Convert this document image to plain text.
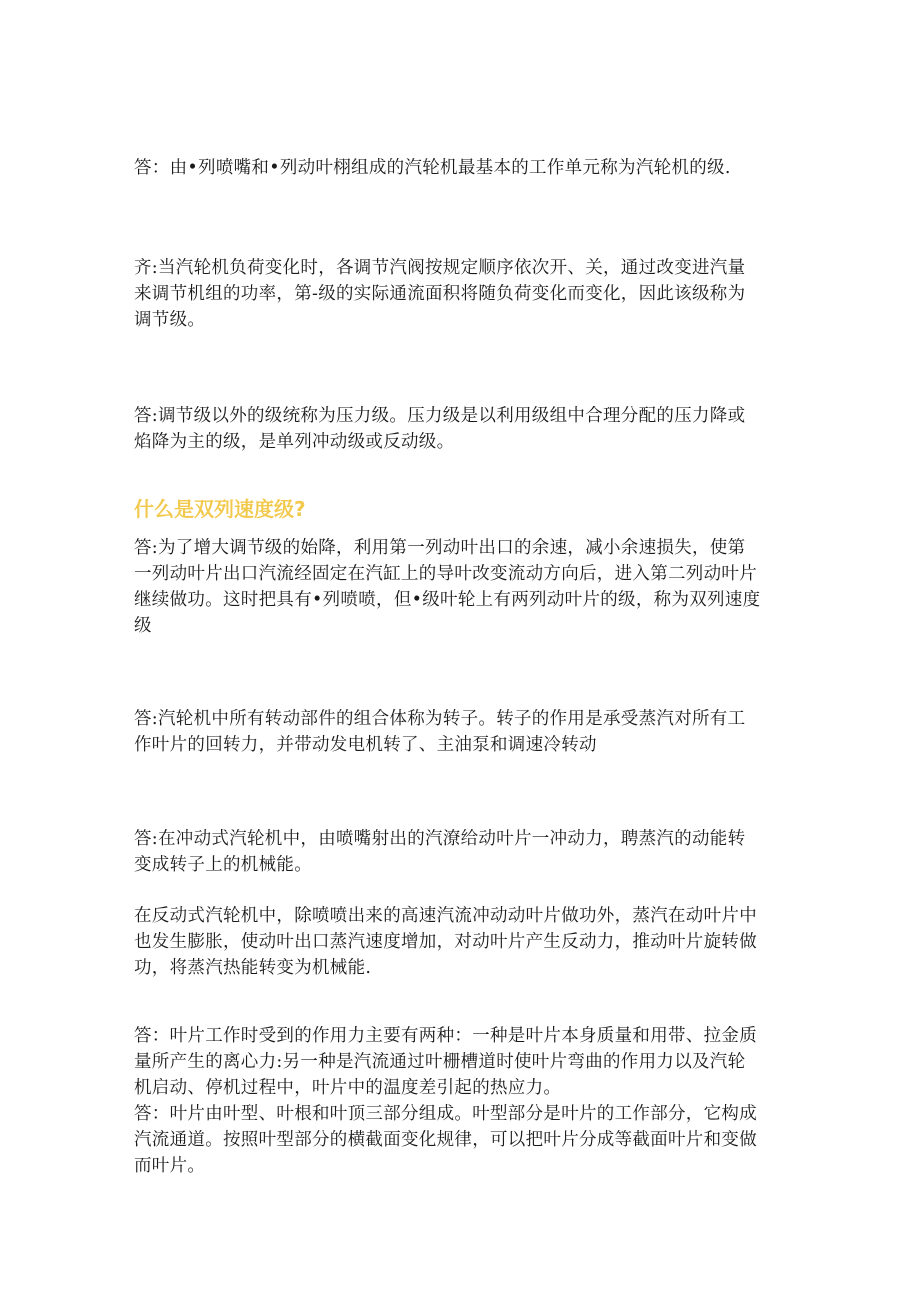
答：由•列喷嘴和•列动叶栩组成的汽轮机最基本的工作单元称为汽轮机的级.

齐:当汽轮机负荷变化时，各调节汽阀按规定顺序依次开、关，通过改变进汽量
来调节机组的功率，第-级的实际通流面积将随负荷变化而变化，因此该级称为
调节级。

答:调节级以外的级统称为压力级。压力级是以利用级组中合理分配的压力降或
焰降为主的级，是单列冲动级或反动级。

什么是双列速度级?

答:为了增大调节级的始降，利用第一列动叶出口的余速，减小余速损失，使第
一列动叶片出口汽流经固定在汽缸上的导叶改变流动方向后，进入第二列动叶片
继续做功。这时把具有•列喷喷，但•级叶轮上有两列动叶片的级，称为双列速度
级

答:汽轮机中所有转动部件的组合体称为转子。转子的作用是承受蒸汽对所有工
作叶片的回转力，并带动发电机转了、主油泵和调速冷转动

答:在冲动式汽轮机中，由喷嘴射出的汽潦给动叶片一冲动力，聘蒸汽的动能转
变成转子上的机械能。

在反动式汽轮机中，除喷喷出来的高速汽流冲动动叶片做功外，蒸汽在动叶片中
也发生膨胀，使动叶出口蒸汽速度增加，对动叶片产生反动力，推动叶片旋转做
功，将蒸汽热能转变为机械能.

答：叶片工作时受到的作用力主要有两种：一种是叶片本身质量和用带、拉金质
量所产生的离心力:另一种是汽流通过叶栅槽道时使叶片弯曲的作用力以及汽轮
机启动、停机过程中，叶片中的温度差引起的热应力。
答：叶片由叶型、叶根和叶顶三部分组成。叶型部分是叶片的工作部分，它构成
汽流通道。按照叶型部分的横截面变化规律，可以把叶片分成等截面叶片和变做
而叶片。
